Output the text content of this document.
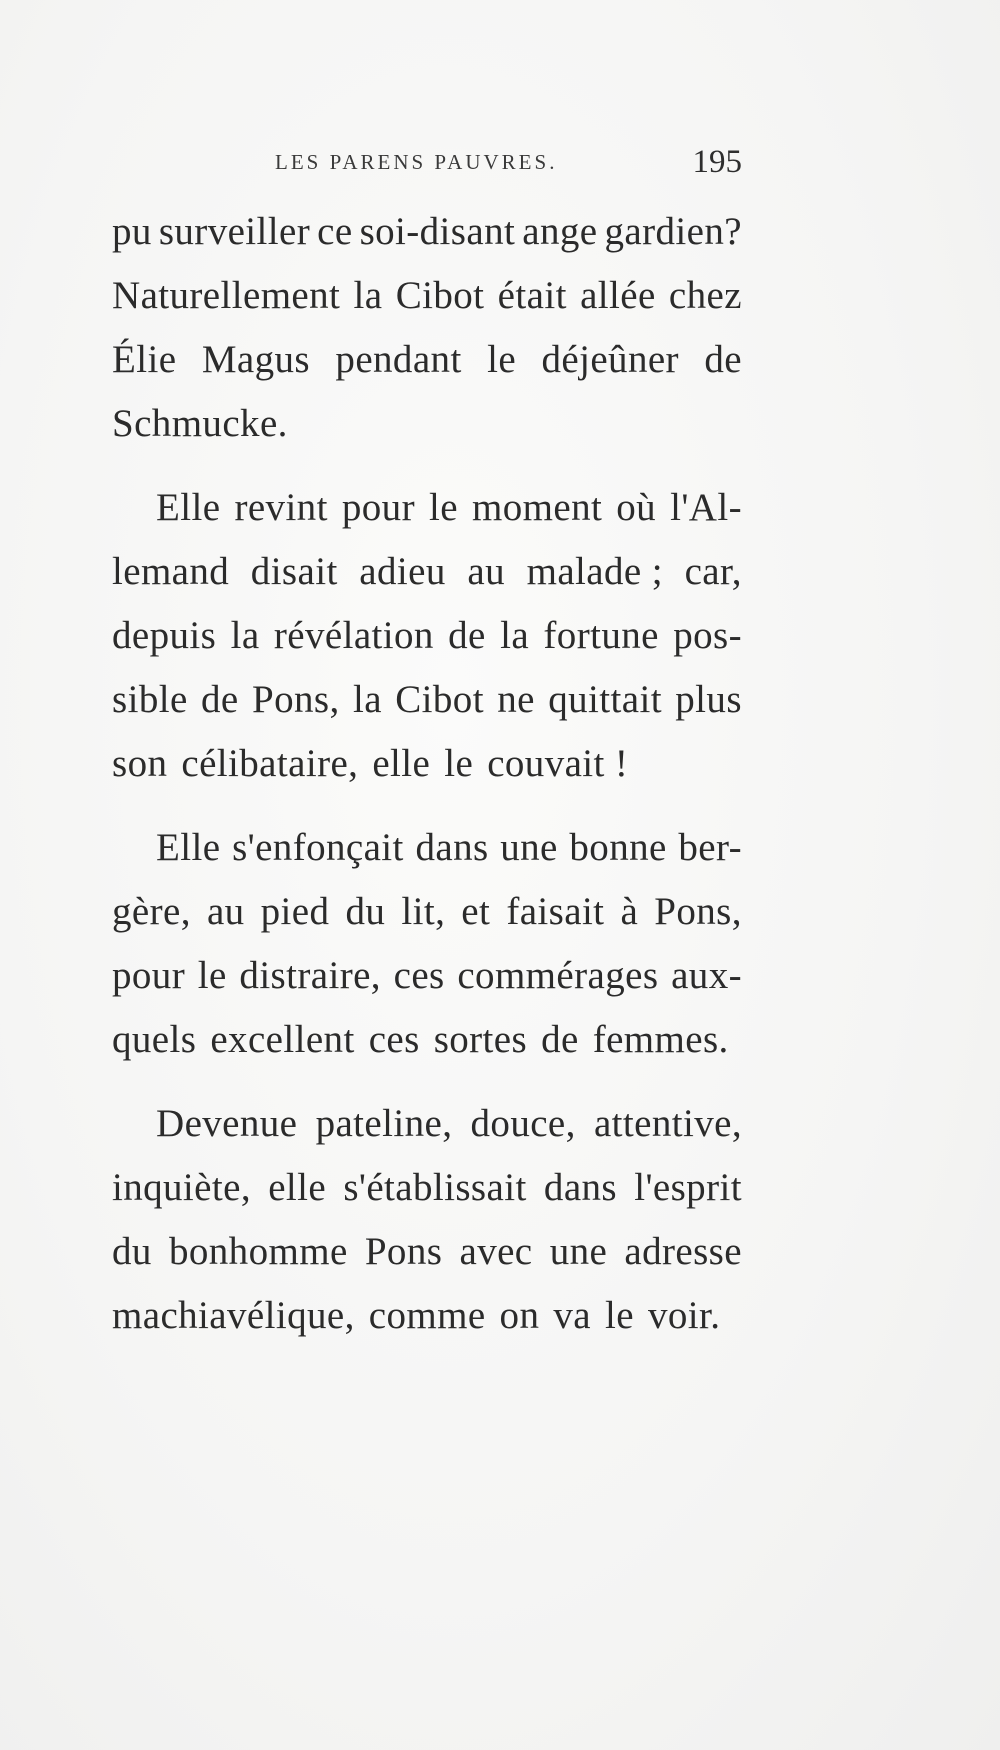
LES PARENS PAUVRES.	195
pu surveiller ce soi-disant ange gardien?
Naturellement la Cibot était allée chez
Élie Magus pendant le déjeûner de
Schmucke.
Elle revint pour le moment où l'Al-
lemand disait adieu au malade ; car,
depuis la révélation de la fortune pos-
sible de Pons, la Cibot ne quittait plus
son célibataire, elle le couvait !
Elle s'enfonçait dans une bonne ber-
gère, au pied du lit, et faisait à Pons,
pour le distraire, ces commérages aux-
quels excellent ces sortes de femmes.
Devenue pateline, douce, attentive,
inquiète, elle s'établissait dans l'esprit
du bonhomme Pons avec une adresse
machiavélique, comme on va le voir.
